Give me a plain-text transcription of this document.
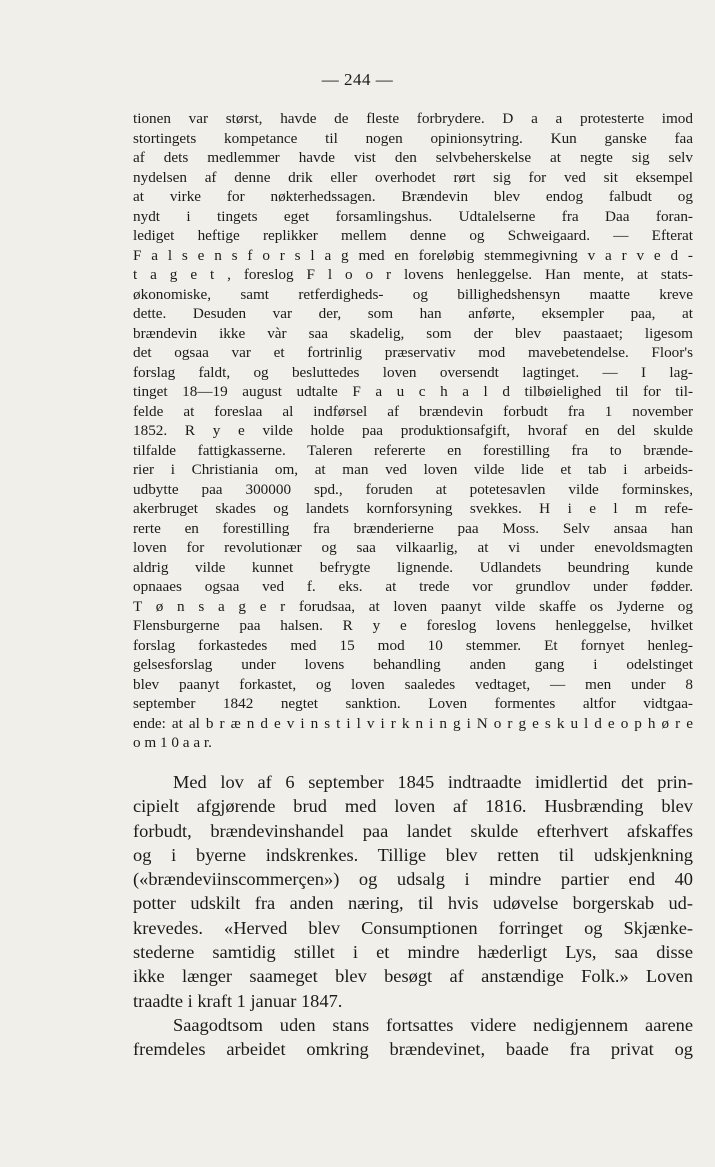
— 244 —
tionen var størst, havde de fleste forbrydere. D a a protesterte imod
stortingets kompetance til nogen opinionsytring. Kun ganske faa
af dets medlemmer havde vist den selvbeherskelse at negte sig selv
nydelsen af denne drik eller overhodet rørt sig for ved sit eksempel
at virke for nøkterhedssagen. Brændevin blev endog falbudt og
nydt i tingets eget forsamlingshus. Udtalelserne fra Daa foran-
lediget heftige replikker mellem denne og Schweigaard. — Efterat
F a l s e n s f o r s l a g med en foreløbig stemmegivning v a r v e d -
t a g e t , foreslog F l o o r lovens henleggelse. Han mente, at stats-
økonomiske, samt retferdigheds- og billighedshensyn maatte kreve
dette. Desuden var der, som han anførte, eksempler paa, at
brændevin ikke vàr saa skadelig, som der blev paastaaet; ligesom
det ogsaa var et fortrinlig præservativ mod mavebetendelse. Floor's
forslag faldt, og besluttedes loven oversendt lagtinget. — I lag-
tinget 18—19 august udtalte F a u c h a l d tilbøielighed til for til-
felde at foreslaa al indførsel af brændevin forbudt fra 1 november
1852. R y e vilde holde paa produktionsafgift, hvoraf en del skulde
tilfalde fattigkasserne. Taleren refererte en forestilling fra to brænde-
rier i Christiania om, at man ved loven vilde lide et tab i arbeids-
udbytte paa 300000 spd., foruden at potetesavlen vilde forminskes,
akerbruget skades og landets kornforsyning svekkes. H i e l m refe-
rerte en forestilling fra brænderierne paa Moss. Selv ansaa han
loven for revolutionær og saa vilkaarlig, at vi under enevoldsmagten
aldrig vilde kunnet befrygte lignende. Udlandets beundring kunde
opnaaes ogsaa ved f. eks. at trede vor grundlov under fødder.
T ø n s a g e r forudsaa, at loven paanyt vilde skaffe os Jyderne og
Flensburgerne paa halsen. R y e foreslog lovens henleggelse, hvilket
forslag forkastedes med 15 mod 10 stemmer. Et fornyet henleg-
gelsesforslag under lovens behandling anden gang i odelstinget
blev paanyt forkastet, og loven saaledes vedtaget, — men under 8
september 1842 negtet sanktion. Loven formentes altfor vidtgaa-
ende: at al b r æ n d e v i n s t i l v i r k n i n g i N o r g e s k u l d e o p h ø r e
o m 1 0 a a r.
Med lov af 6 september 1845 indtraadte imidlertid det prin-
cipielt afgjørende brud med loven af 1816. Husbrænding blev
forbudt, brændevinshandel paa landet skulde efterhvert afskaffes
og i byerne indskrenkes. Tillige blev retten til udskjenkning
(«brændeviinscommerçen») og udsalg i mindre partier end 40
potter udskilt fra anden næring, til hvis udøvelse borgerskab ud-
krevedes. «Herved blev Consumptionen forringet og Skjænke-
stederne samtidig stillet i et mindre hæderligt Lys, saa disse
ikke længer saameget blev besøgt af anstændige Folk.» Loven
traadte i kraft 1 januar 1847.
Saagodtsom uden stans fortsattes videre nedigjennem aarene
fremdeles arbeidet omkring brændevinet, baade fra privat og
